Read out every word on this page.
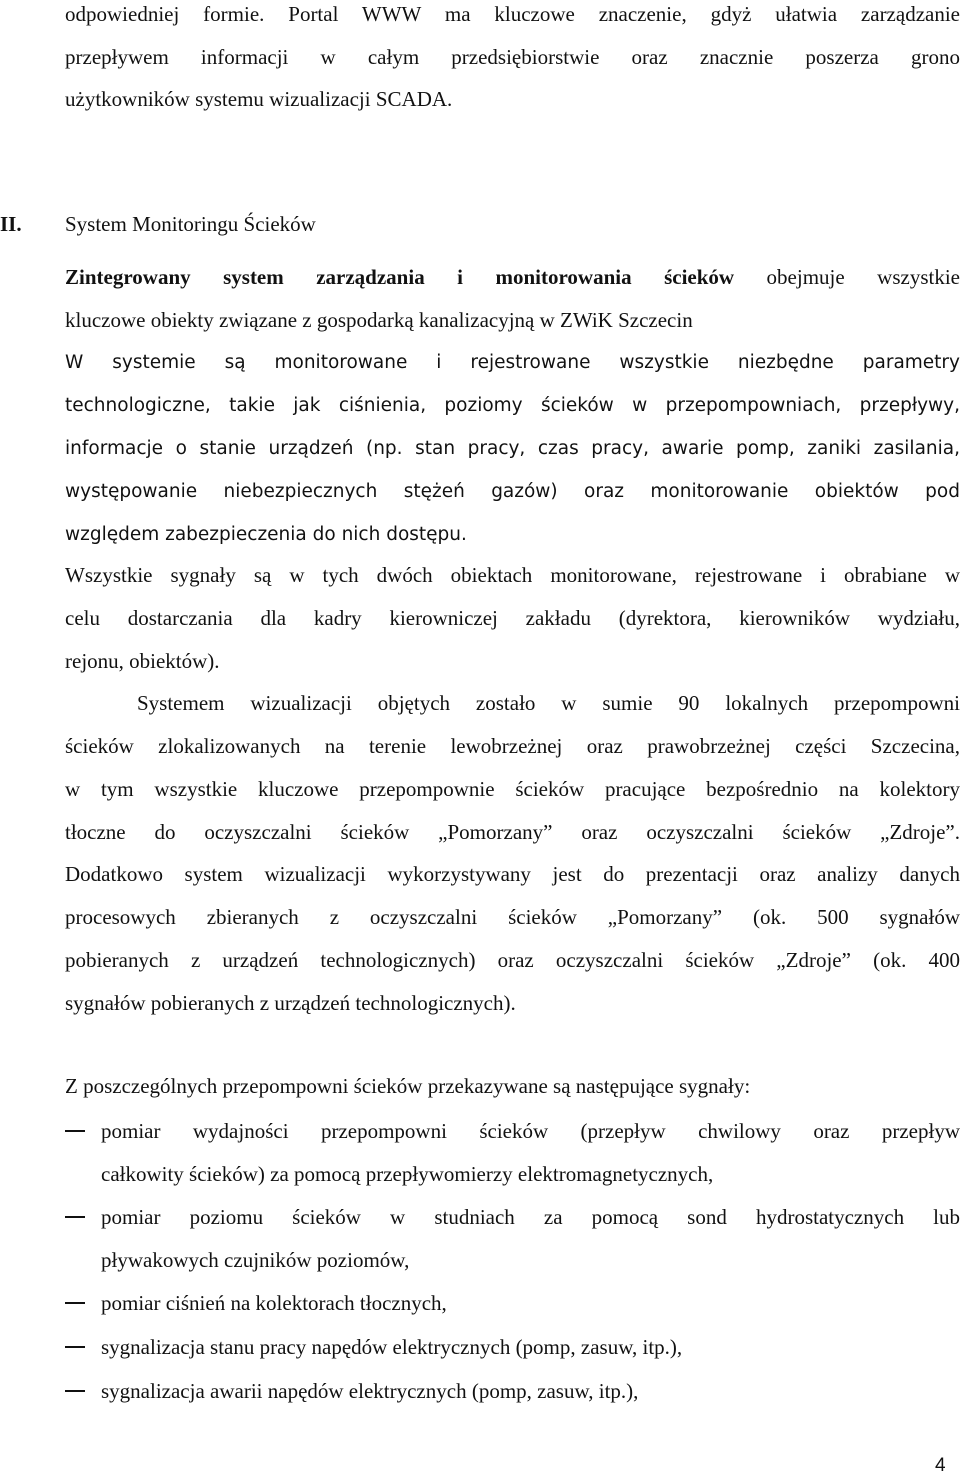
odpowiedniej formie. Portal WWW ma kluczowe znaczenie, gdyż ułatwia zarządzanie
przepływem informacji w całym przedsiębiorstwie oraz znacznie poszerza grono
użytkowników systemu wizualizacji SCADA.
II. System Monitoringu Ścieków
Zintegrowany system zarządzania i monitorowania ścieków obejmuje wszystkie
kluczowe obiekty związane z gospodarką kanalizacyjną w ZWiK Szczecin
W systemie są monitorowane i rejestrowane wszystkie niezbędne parametry
technologiczne, takie jak ciśnienia, poziomy ścieków w przepompowniach, przepływy,
informacje o stanie urządzeń (np. stan pracy, czas pracy, awarie pomp, zaniki zasilania,
występowanie niebezpiecznych stężeń gazów) oraz monitorowanie obiektów pod
względem zabezpieczenia do nich dostępu.
Wszystkie sygnały są w tych dwóch obiektach monitorowane, rejestrowane i obrabiane w
celu dostarczania dla kadry kierowniczej zakładu (dyrektora, kierowników wydziału,
rejonu, obiektów).
Systemem wizualizacji objętych zostało w sumie 90 lokalnych przepompowni
ścieków zlokalizowanych na terenie lewobrzeżnej oraz prawobrzeżnej części Szczecina,
w tym wszystkie kluczowe przepompownie ścieków pracujące bezpośrednio na kolektory
tłoczne do oczyszczalni ścieków „Pomorzany” oraz oczyszczalni ścieków „Zdroje”.
Dodatkowo system wizualizacji wykorzystywany jest do prezentacji oraz analizy danych
procesowych zbieranych z oczyszczalni ścieków „Pomorzany” (ok. 500 sygnałów
pobieranych z urządzeń technologicznych) oraz oczyszczalni ścieków „Zdroje” (ok. 400
sygnałów pobieranych z urządzeń technologicznych).
Z poszczególnych przepompowni ścieków przekazywane są następujące sygnały:
pomiar wydajności przepompowni ścieków (przepływ chwilowy oraz przepływ
całkowity ścieków) za pomocą przepływomierzy elektromagnetycznych,
pomiar poziomu ścieków w studniach za pomocą sond hydrostatycznych lub
pływakowych czujników poziomów,
pomiar ciśnień na kolektorach tłocznych,
sygnalizacja stanu pracy napędów elektrycznych (pomp, zasuw, itp.),
sygnalizacja awarii napędów elektrycznych (pomp, zasuw, itp.),
4
